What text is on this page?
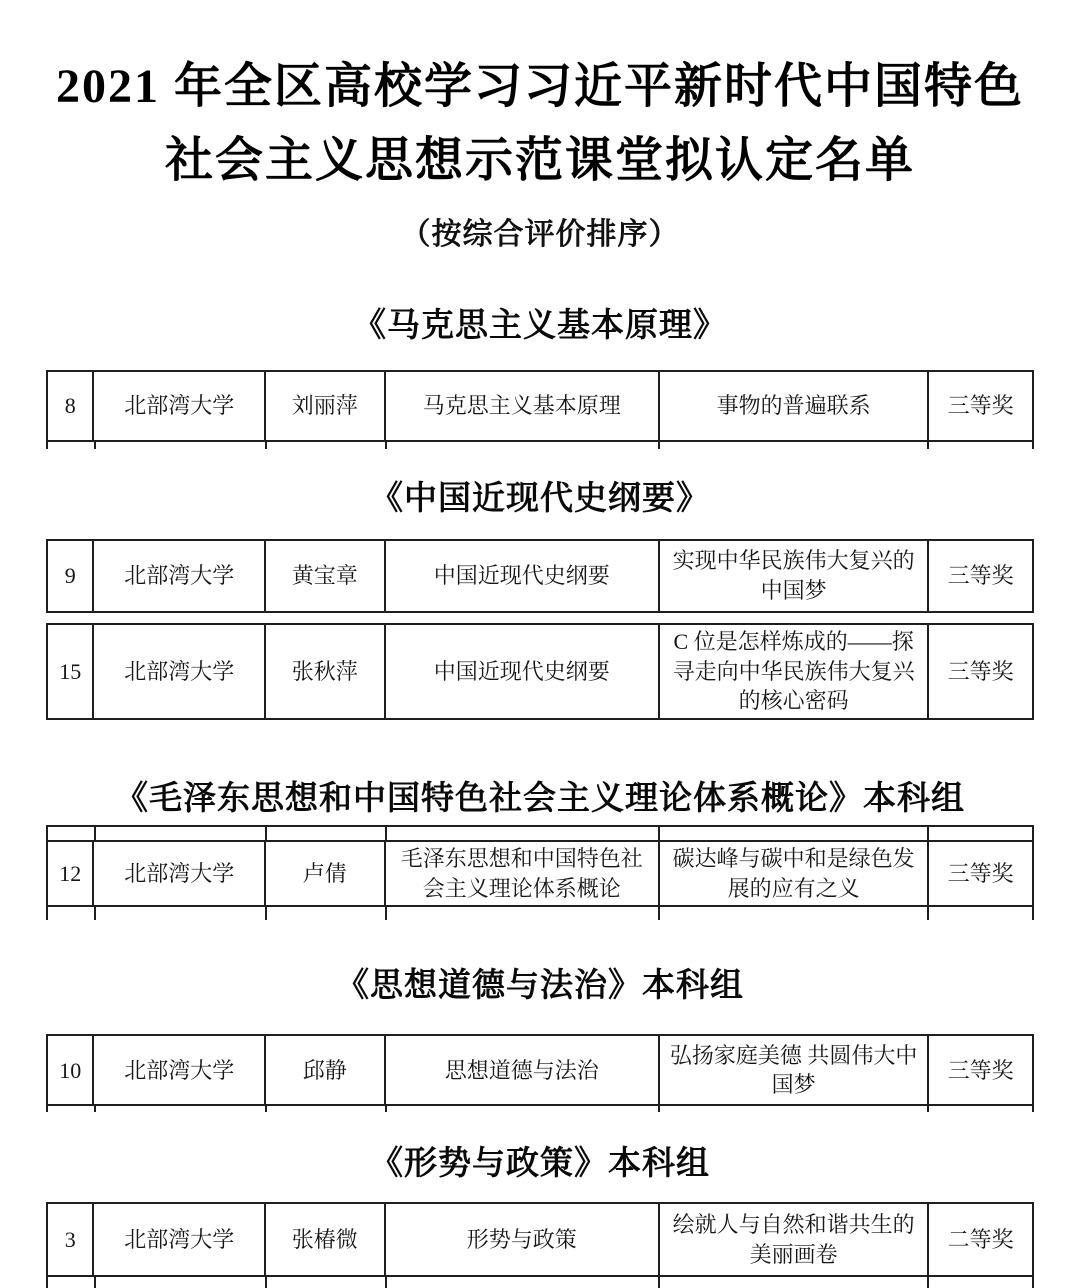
2021 年全区高校学习习近平新时代中国特色
社会主义思想示范课堂拟认定名单
（按综合评价排序）
《马克思主义基本原理》
8	北部湾大学	刘丽萍	马克思主义基本原理	事物的普遍联系	三等奖
《中国近现代史纲要》
9	北部湾大学	黄宝章	中国近现代史纲要	实现中华民族伟大复兴的中国梦	三等奖
15	北部湾大学	张秋萍	中国近现代史纲要	C 位是怎样炼成的——探寻走向中华民族伟大复兴的核心密码	三等奖
《毛泽东思想和中国特色社会主义理论体系概论》本科组
12	北部湾大学	卢倩	毛泽东思想和中国特色社会主义理论体系概论	碳达峰与碳中和是绿色发展的应有之义	三等奖
《思想道德与法治》本科组
10	北部湾大学	邱静	思想道德与法治	弘扬家庭美德 共圆伟大中国梦	三等奖
《形势与政策》本科组
3	北部湾大学	张椿微	形势与政策	绘就人与自然和谐共生的美丽画卷	二等奖
